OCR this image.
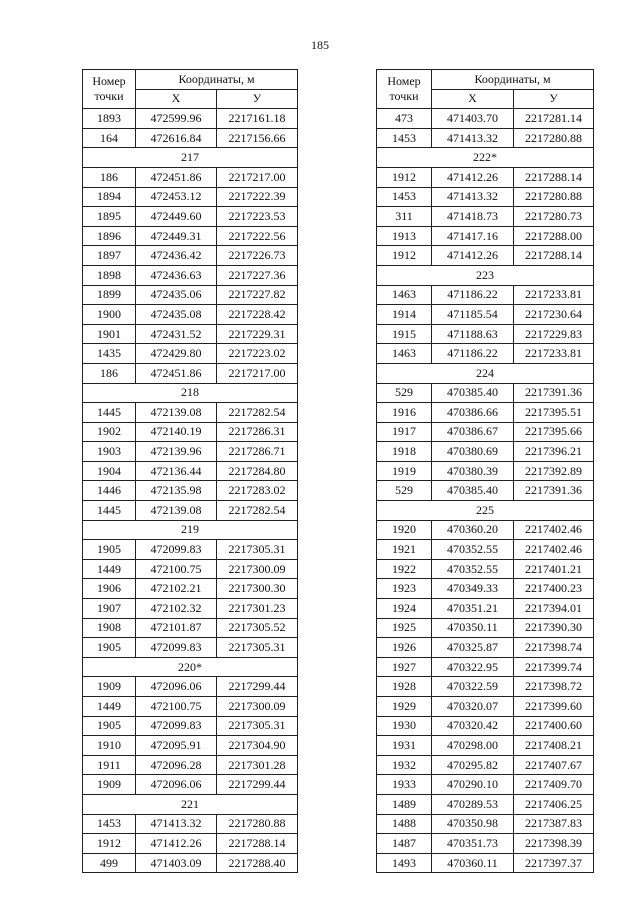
185
Номер
точки	Координаты, м	
	X	У
1893	472599.96	2217161.18
164	472616.84	2217156.66
217		
186	472451.86	2217217.00
1894	472453.12	2217222.39
1895	472449.60	2217223.53
1896	472449.31	2217222.56
1897	472436.42	2217226.73
1898	472436.63	2217227.36
1899	472435.06	2217227.82
1900	472435.08	2217228.42
1901	472431.52	2217229.31
1435	472429.80	2217223.02
186	472451.86	2217217.00
218		
1445	472139.08	2217282.54
1902	472140.19	2217286.31
1903	472139.96	2217286.71
1904	472136.44	2217284.80
1446	472135.98	2217283.02
1445	472139.08	2217282.54
219		
1905	472099.83	2217305.31
1449	472100.75	2217300.09
1906	472102.21	2217300.30
1907	472102.32	2217301.23
1908	472101.87	2217305.52
1905	472099.83	2217305.31
220*		
1909	472096.06	2217299.44
1449	472100.75	2217300.09
1905	472099.83	2217305.31
1910	472095.91	2217304.90
1911	472096.28	2217301.28
1909	472096.06	2217299.44
221		
1453	471413.32	2217280.88
1912	471412.26	2217288.14
499	471403.09	2217288.40
Номер
точки	Координаты, м	
	X	У
473	471403.70	2217281.14
1453	471413.32	2217280.88
222*		
1912	471412.26	2217288.14
1453	471413.32	2217280.88
311	471418.73	2217280.73
1913	471417.16	2217288.00
1912	471412.26	2217288.14
223		
1463	471186.22	2217233.81
1914	471185.54	2217230.64
1915	471188.63	2217229.83
1463	471186.22	2217233.81
224		
529	470385.40	2217391.36
1916	470386.66	2217395.51
1917	470386.67	2217395.66
1918	470380.69	2217396.21
1919	470380.39	2217392.89
529	470385.40	2217391.36
225		
1920	470360.20	2217402.46
1921	470352.55	2217402.46
1922	470352.55	2217401.21
1923	470349.33	2217400.23
1924	470351.21	2217394.01
1925	470350.11	2217390.30
1926	470325.87	2217398.74
1927	470322.95	2217399.74
1928	470322.59	2217398.72
1929	470320.07	2217399.60
1930	470320.42	2217400.60
1931	470298.00	2217408.21
1932	470295.82	2217407.67
1933	470290.10	2217409.70
1489	470289.53	2217406.25
1488	470350.98	2217387.83
1487	470351.73	2217398.39
1493	470360.11	2217397.37
